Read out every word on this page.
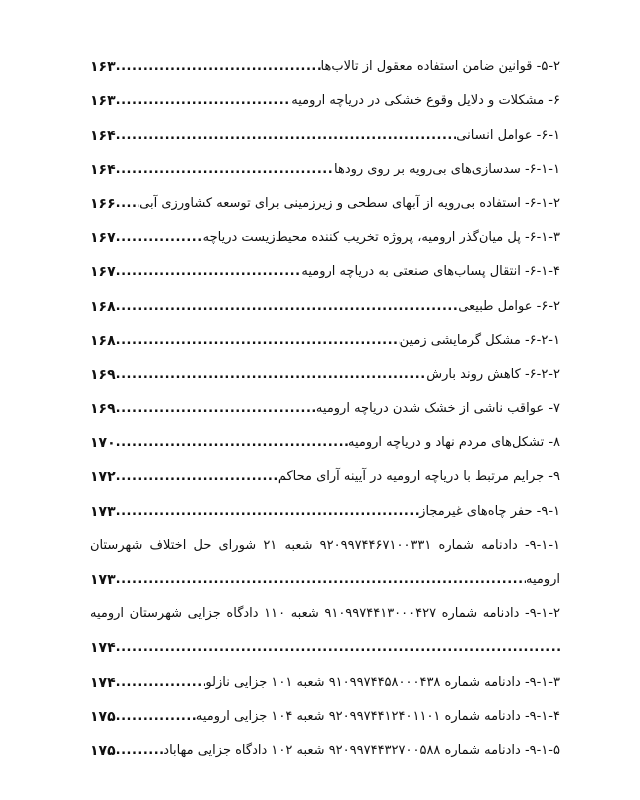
۵-۲- قوانین ضامن استفاده معقول از تالاب‌ها
.....
۱۶۳
۶- مشکلات و دلایل وقوع خشکی در دریاچه ارومیه
.....
۱۶۳
۶-۱- عوامل انسانی
.....
۱۶۴
۶-۱-۱- سدسازی‌های بی‌رویه بر روی رودها
.....
۱۶۴
۶-۱-۲- استفاده بی‌رویه از آبهای سطحی و زیرزمینی برای توسعه کشاورزی آبی
.....
۱۶۶
۶-۱-۳- پل میان‌گذر ارومیه، پروژه تخریب کننده محیط‌زیست دریاچه
.....
۱۶۷
۶-۱-۴- انتقال پساب‌های صنعتی به دریاچه ارومیه
.....
۱۶۷
۶-۲- عوامل طبیعی
.....
۱۶۸
۶-۲-۱- مشکل گرمایشی زمین
.....
۱۶۸
۶-۲-۲- کاهش روند بارش
.....
۱۶۹
۷- عواقب ناشی از خشک شدن دریاچه ارومیه
.....
۱۶۹
۸- تشکل‌های مردم نهاد و دریاچه ارومیه
.....
۱۷۰
۹- جرایم مرتبط با دریاچه ارومیه در آیینه آرای محاکم
.....
۱۷۲
۹-۱- حفر چاه‌های غیرمجاز
.....
۱۷۳
۹-۱-۱- دادنامه شماره ۹۲۰۹۹۷۴۴۶۷۱۰۰۳۳۱ شعبه ۲۱ شورای حل اختلاف شهرستان
ارومیه
.....
۱۷۳
۹-۱-۲- دادنامه شماره ۹۱۰۹۹۷۴۴۱۳۰۰۰۴۲۷ شعبه ۱۱۰ دادگاه جزایی شهرستان ارومیه
.....
۱۷۴
۹-۱-۳- دادنامه شماره ۹۱۰۹۹۷۴۴۵۸۰۰۰۴۳۸ شعبه ۱۰۱ جزایی نازلو
.....
۱۷۴
۹-۱-۴- دادنامه شماره ۹۲۰۹۹۷۴۴۱۲۴۰۱۱۰۱ شعبه ۱۰۴ جزایی ارومیه
.....
۱۷۵
۹-۱-۵- دادنامه شماره ۹۲۰۹۹۷۴۴۳۲۷۰۰۵۸۸ شعبه ۱۰۲ دادگاه جزایی مهاباد
.....
۱۷۵
